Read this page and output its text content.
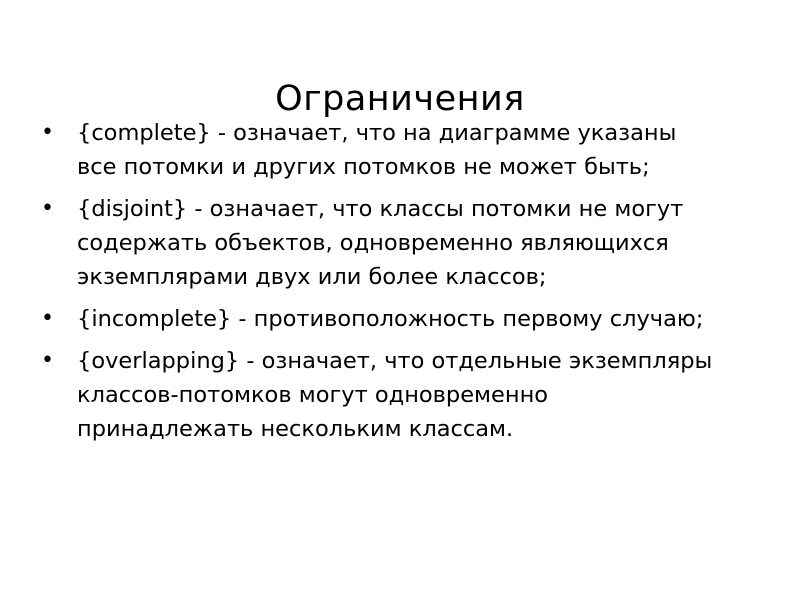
Ограничения
•	{complete} - означает, что на диаграмме указаны все потомки и других потомков не может быть;
•	{disjoint} - означает, что классы потомки не могут содержать объектов, одновременно являющихся экземплярами двух или более классов;
•	{incomplete} - противоположность первому случаю;
•	{overlapping} - означает, что отдельные экземпляры классов-потомков могут одновременно принадлежать нескольким классам.
